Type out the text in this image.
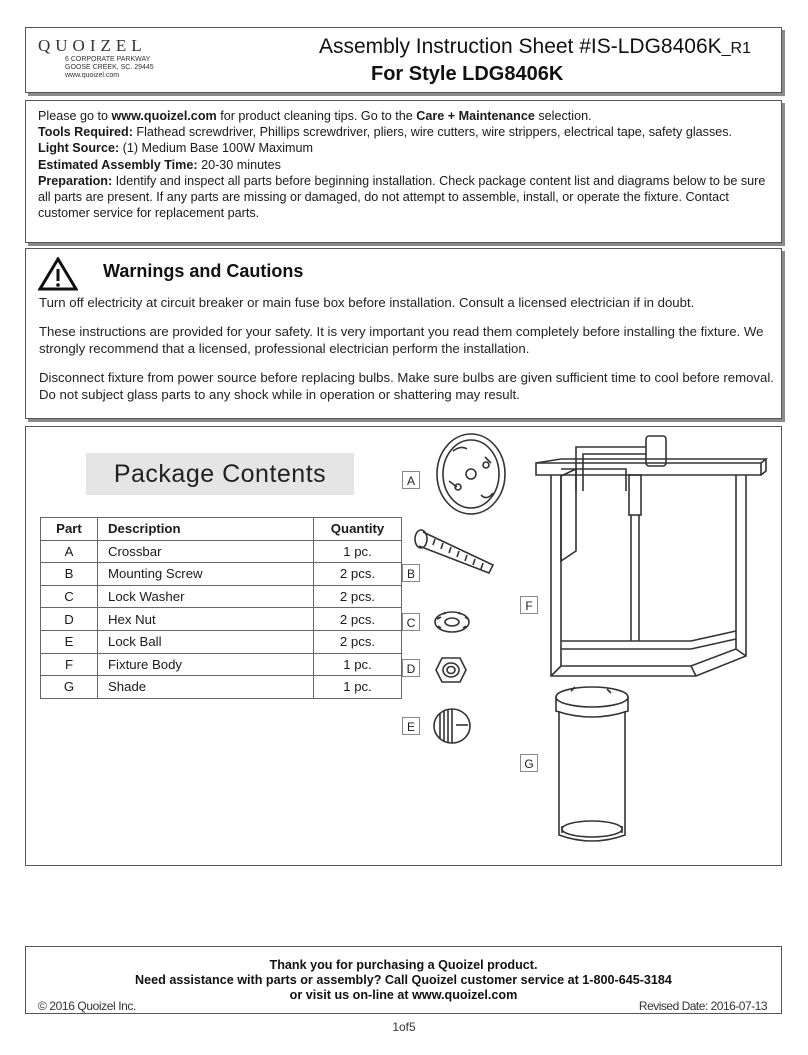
QUOIZEL
6 CORPORATE PARKWAY
GOOSE CREEK, SC. 29445
www.quoizel.com
Assembly Instruction Sheet #IS-LDG8406K_R1
For Style LDG8406K

Please go to www.quoizel.com for product cleaning tips. Go to the Care + Maintenance selection.

Tools Required: Flathead screwdriver, Phillips screwdriver, pliers, wire cutters, wire strippers, electrical tape, safety glasses.

Light Source: (1) Medium Base 100W Maximum

Estimated Assembly Time: 20-30 minutes

Preparation: Identify and inspect all parts before beginning installation. Check package content list and diagrams below to be sure all parts are present. If any parts are missing or damaged, do not attempt to assemble, install, or operate the fixture. Contact customer service for replacement parts.

Warnings and Cautions

Turn off electricity at circuit breaker or main fuse box before installation. Consult a licensed electrician if in doubt.

These instructions are provided for your safety. It is very important you read them completely before installing the fixture. We strongly recommend that a licensed, professional electrician perform the installation.

Disconnect fixture from power source before replacing bulbs. Make sure bulbs are given sufficient time to cool before removal. Do not subject glass parts to any shock while in operation or shattering may result.

Package Contents
Part	Description	Quantity
A	Crossbar	1 pc.
B	Mounting Screw	2 pcs.
C	Lock Washer	2 pcs.
D	Hex Nut	2 pcs.
E	Lock Ball	2 pcs.
F	Fixture Body	1 pc.
G	Shade	1 pc.
A
B
C
D
E
F
G
Thank you for purchasing a Quoizel product.
Need assistance with parts or assembly? Call Quoizel customer service at 1-800-645-3184
or visit us on-line at www.quoizel.com
© 2016 Quoizel Inc.	Revised Date: 2016-07-13
1of5
